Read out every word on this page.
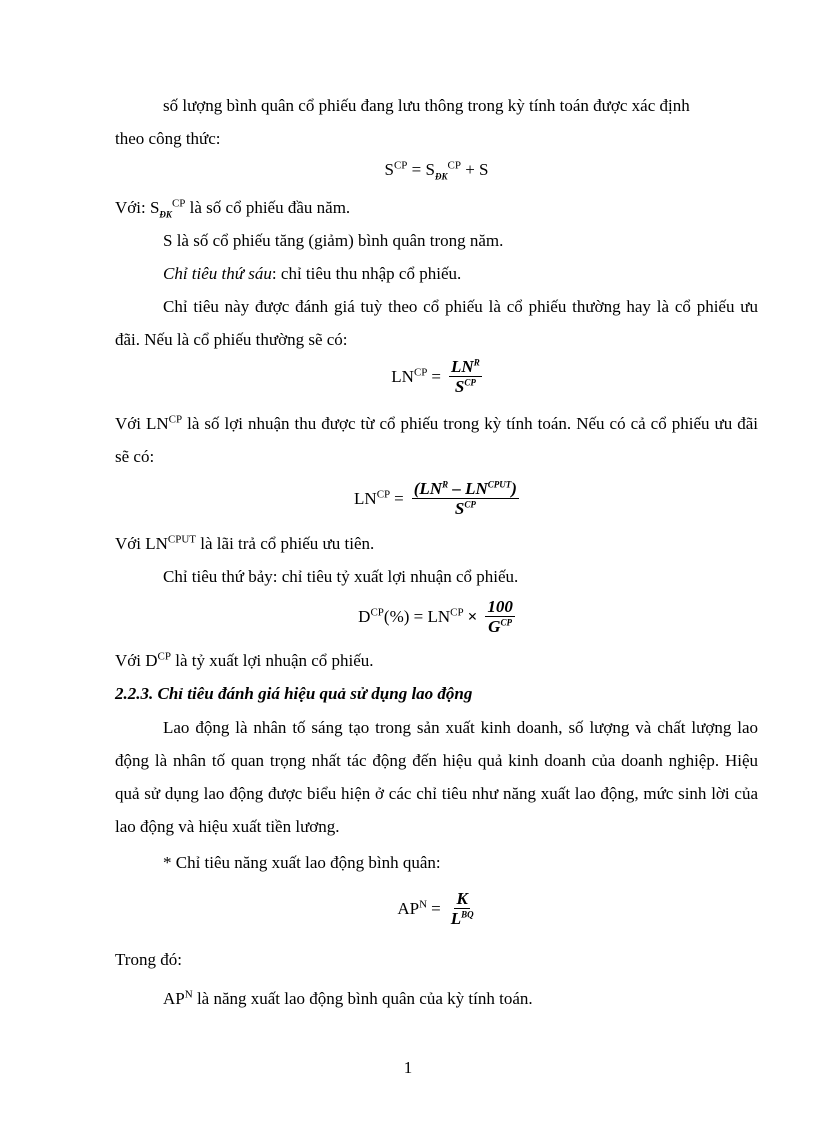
số lượng bình quân cổ phiếu đang lưu thông trong kỳ tính toán được xác định
theo công thức:
$S^{CP} = S_{ĐK}^{CP} + S$
Với: $S_{ĐK}^{CP}$ là số cổ phiếu đầu năm.
S là số cổ phiếu tăng (giảm) bình quân trong năm.
Chỉ tiêu thứ sáu: chỉ tiêu thu nhập cổ phiếu.
Chỉ tiêu này được đánh giá tuỳ theo cổ phiếu là cổ phiếu thường hay là cổ phiếu ưu đãi. Nếu là cổ phiếu thường sẽ có:
$LN^{CP} = \frac{LN^R}{S^{CP}}$
Với $LN^{CP}$ là số lợi nhuận thu được từ cổ phiếu trong kỳ tính toán. Nếu có cả cổ phiếu ưu đãi sẽ có:
$LN^{CP} = \frac{(LN^R - LN^{CPUT})}{S^{CP}}$
Với $LN^{CPUT}$ là lãi trả cổ phiếu ưu tiên.
Chỉ tiêu thứ bảy: chỉ tiêu tỷ xuất lợi nhuận cổ phiếu.
$D^{CP}(\%) = LN^{CP} \times \frac{100}{G^{CP}}$
Với $D^{CP}$ là tỷ xuất lợi nhuận cổ phiếu.
2.2.3. Chỉ tiêu đánh giá hiệu quả sử dụng lao động
Lao động là nhân tố sáng tạo trong sản xuất kinh doanh, số lượng và chất lượng lao động là nhân tố quan trọng nhất tác động đến hiệu quả kinh doanh của doanh nghiệp. Hiệu quả sử dụng lao động được biểu hiện ở các chỉ tiêu như năng xuất lao động, mức sinh lời của lao động và hiệu xuất tiền lương.
* Chỉ tiêu năng xuất lao động bình quân:
$AP^N = \frac{K}{L^{BQ}}$
Trong đó:
$AP^N$ là năng xuất lao động bình quân của kỳ tính toán.
1
